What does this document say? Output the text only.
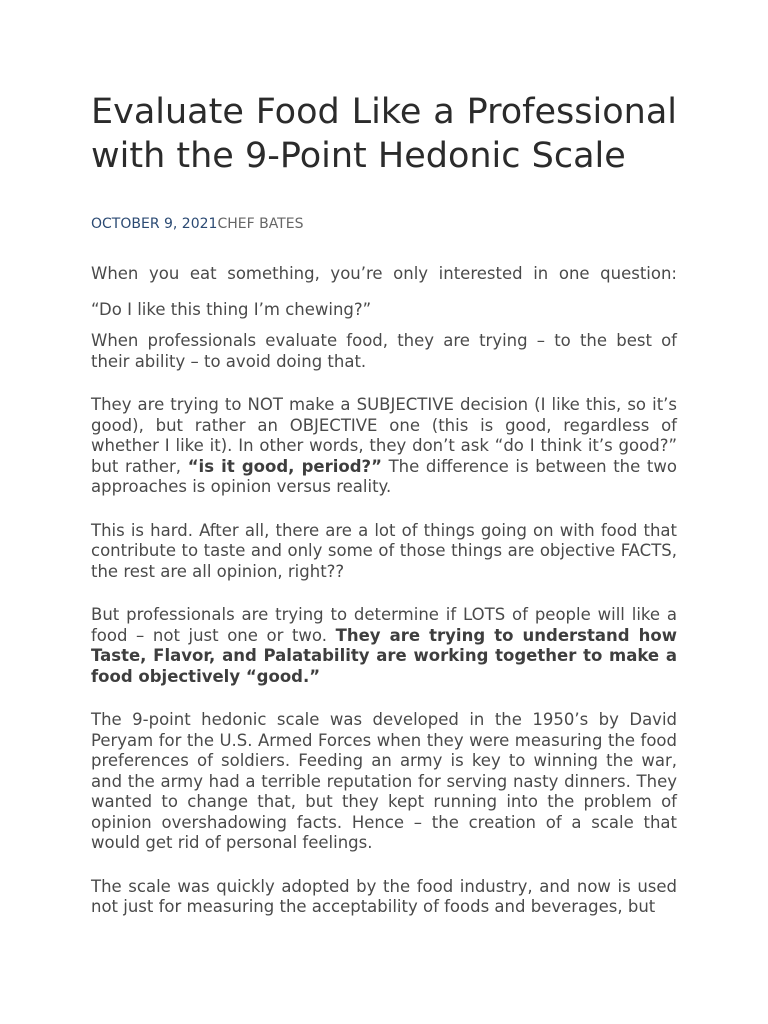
Evaluate Food Like a Professional with the 9-Point Hedonic Scale
OCTOBER 9, 2021CHEF BATES

When you eat something, you’re only interested in one question:

“Do I like this thing I’m chewing?”

When professionals evaluate food, they are trying – to the best of their ability – to avoid doing that.

They are trying to NOT make a SUBJECTIVE decision (I like this, so it’s good), but rather an OBJECTIVE one (this is good, regardless of whether I like it). In other words, they don’t ask “do I think it’s good?” but rather, “is it good, period?” The difference is between the two approaches is opinion versus reality.

This is hard. After all, there are a lot of things going on with food that contribute to taste and only some of those things are objective FACTS, the rest are all opinion, right??

But professionals are trying to determine if LOTS of people will like a food – not just one or two. They are trying to understand how Taste, Flavor, and Palatability are working together to make a food objectively “good.”

The 9-point hedonic scale was developed in the 1950’s by David Peryam for the U.S. Armed Forces when they were measuring the food preferences of soldiers. Feeding an army is key to winning the war, and the army had a terrible reputation for serving nasty dinners. They wanted to change that, but they kept running into the problem of opinion overshadowing facts. Hence – the creation of a scale that would get rid of personal feelings.

The scale was quickly adopted by the food industry, and now is used not just for measuring the acceptability of foods and beverages, but
